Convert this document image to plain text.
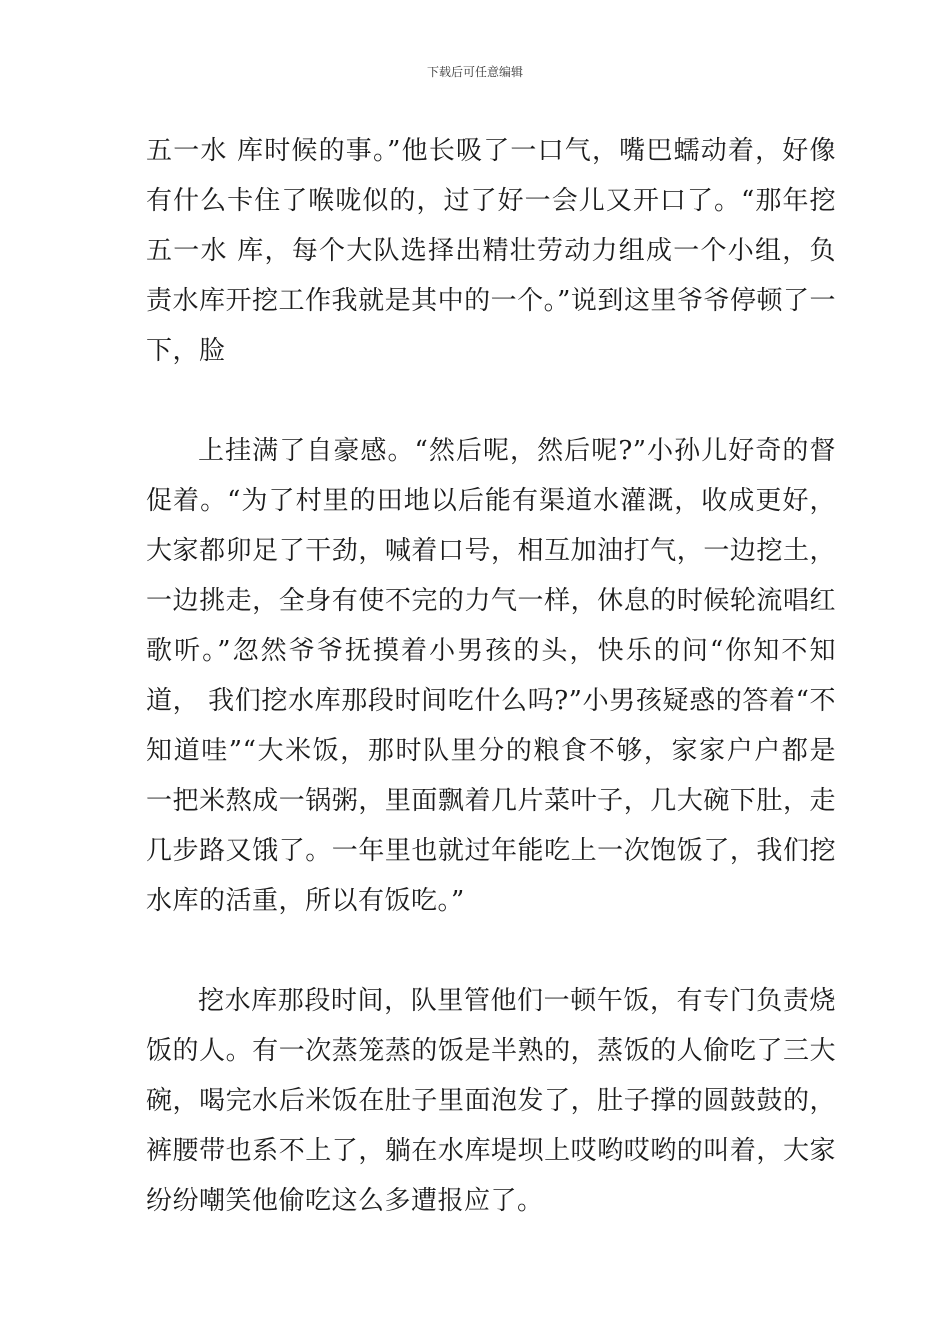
下载后可任意编辑

五一水 库时候的事。”他长吸了一口气，嘴巴蠕动着，好像有什么卡住了喉咙似的，过了好一会儿又开口了。“那年挖五一水 库，每个大队选择出精壮劳动力组成一个小组，负责水库开挖工作我就是其中的一个。”说到这里爷爷停顿了一下，脸

上挂满了自豪感。“然后呢，然后呢?”小孙儿好奇的督促着。“为了村里的田地以后能有渠道水灌溉，收成更好，大家都卯足了干劲，喊着口号，相互加油打气，一边挖土，一边挑走，全身有使不完的力气一样，休息的时候轮流唱红歌听。”忽然爷爷抚摸着小男孩的头，快乐的问“你知不知道， 我们挖水库那段时间吃什么吗?”小男孩疑惑的答着“不知道哇”“大米饭，那时队里分的粮食不够，家家户户都是一把米熬成一锅粥，里面飘着几片菜叶子，几大碗下肚，走几步路又饿了。一年里也就过年能吃上一次饱饭了，我们挖水库的活重，所以有饭吃。”

挖水库那段时间，队里管他们一顿午饭，有专门负责烧饭的人。有一次蒸笼蒸的饭是半熟的，蒸饭的人偷吃了三大碗，喝完水后米饭在肚子里面泡发了，肚子撑的圆鼓鼓的，裤腰带也系不上了，躺在水库堤坝上哎哟哎哟的叫着，大家纷纷嘲笑他偷吃这么多遭报应了。
